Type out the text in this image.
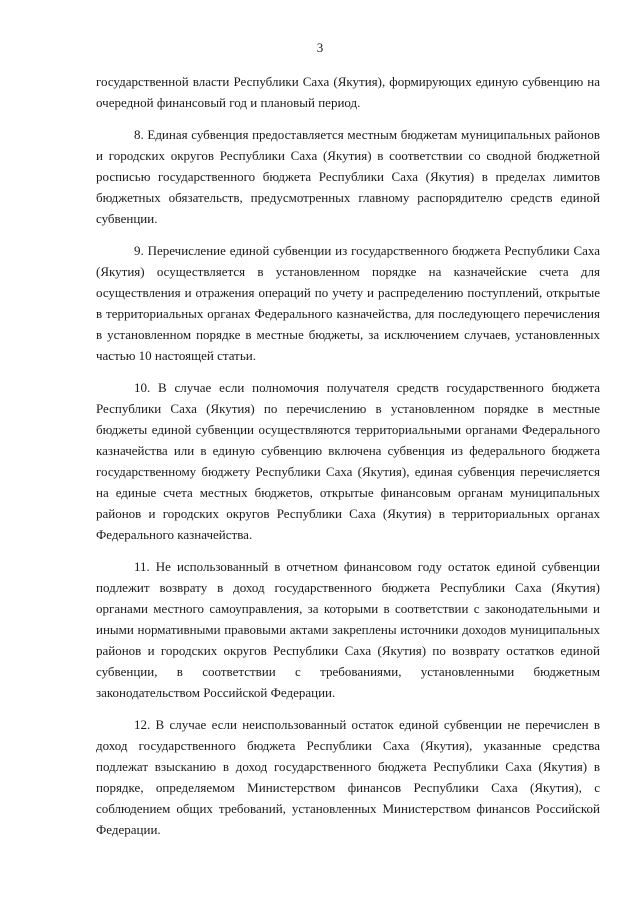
3

государственной власти Республики Саха (Якутия), формирующих единую субвенцию на очередной финансовый год и плановый период.

8. Единая субвенция предоставляется местным бюджетам муниципальных районов и городских округов Республики Саха (Якутия) в соответствии со сводной бюджетной росписью государственного бюджета Республики Саха (Якутия) в пределах лимитов бюджетных обязательств, предусмотренных главному распорядителю средств единой субвенции.

9. Перечисление единой субвенции из государственного бюджета Республики Саха (Якутия) осуществляется в установленном порядке на казначейские счета для осуществления и отражения операций по учету и распределению поступлений, открытые в территориальных органах Федерального казначейства, для последующего перечисления в установленном порядке в местные бюджеты, за исключением случаев, установленных частью 10 настоящей статьи.

10. В случае если полномочия получателя средств государственного бюджета Республики Саха (Якутия) по перечислению в установленном порядке в местные бюджеты единой субвенции осуществляются территориальными органами Федерального казначейства или в единую субвенцию включена субвенция из федерального бюджета государственному бюджету Республики Саха (Якутия), единая субвенция перечисляется на единые счета местных бюджетов, открытые финансовым органам муниципальных районов и городских округов Республики Саха (Якутия) в территориальных органах Федерального казначейства.

11. Не использованный в отчетном финансовом году остаток единой субвенции подлежит возврату в доход государственного бюджета Республики Саха (Якутия) органами местного самоуправления, за которыми в соответствии с законодательными и иными нормативными правовыми актами закреплены источники доходов муниципальных районов и городских округов Республики Саха (Якутия) по возврату остатков единой субвенции, в соответствии с требованиями, установленными бюджетным законодательством Российской Федерации.

12. В случае если неиспользованный остаток единой субвенции не перечислен в доход государственного бюджета Республики Саха (Якутия), указанные средства подлежат взысканию в доход государственного бюджета Республики Саха (Якутия) в порядке, определяемом Министерством финансов Республики Саха (Якутия), с соблюдением общих требований, установленных Министерством финансов Российской Федерации.
